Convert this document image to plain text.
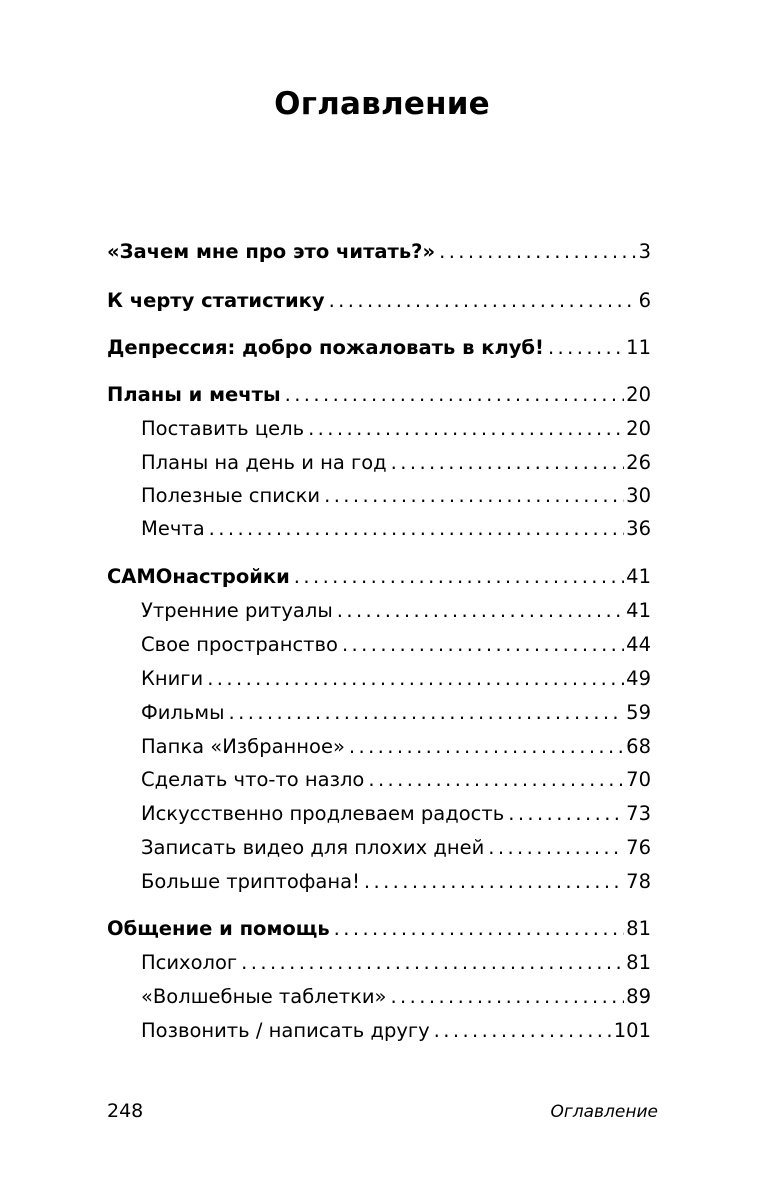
Оглавление
«Зачем мне про это читать?» . . .	3
К черту статистику . . .	6
Депрессия: добро пожаловать в клуб! . . .	11
Планы и мечты . . .	20
Поставить цель . . .	20
Планы на день и на год . . .	26
Полезные списки . . .	30
Мечта . . .	36
САМОнастройки . . .	41
Утренние ритуалы . . .	41
Свое пространство . . .	44
Книги . . .	49
Фильмы . . .	59
Папка «Избранное» . . .	68
Сделать что-то назло . . .	70
Искусственно продлеваем радость . . .	73
Записать видео для плохих дней . . .	76
Больше триптофана! . . .	78
Общение и помощь . . .	81
Психолог . . .	81
«Волшебные таблетки» . . .	89
Позвонить / написать другу . . .	101
248	Оглавление
